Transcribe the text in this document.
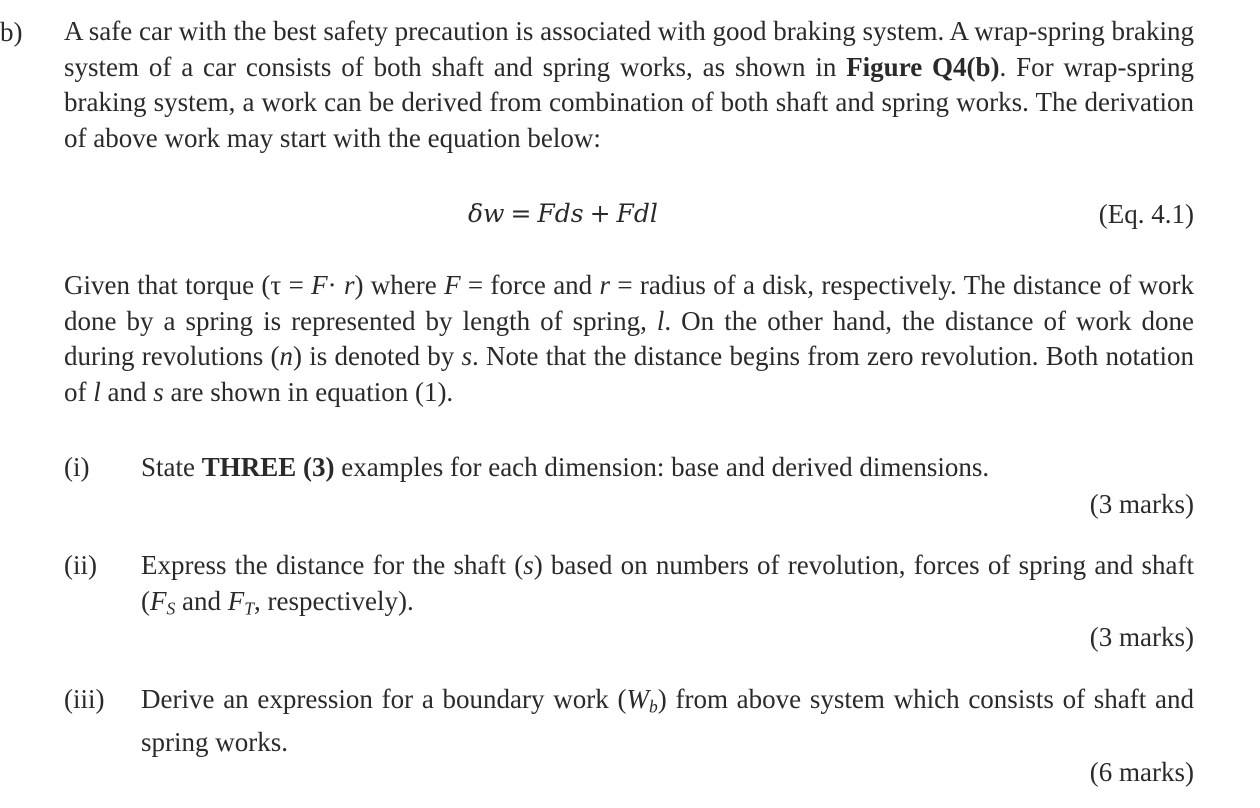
b) A safe car with the best safety precaution is associated with good braking system. A wrap-spring braking system of a car consists of both shaft and spring works, as shown in Figure Q4(b). For wrap-spring braking system, a work can be derived from combination of both shaft and spring works. The derivation of above work may start with the equation below:
δw = Fds + Fdl	(Eq. 4.1)
Given that torque (τ = F· r) where F = force and r = radius of a disk, respectively. The distance of work done by a spring is represented by length of spring, l. On the other hand, the distance of work done during revolutions (n) is denoted by s. Note that the distance begins from zero revolution. Both notation of l and s are shown in equation (1).
(i) State THREE (3) examples for each dimension: base and derived dimensions.
(3 marks)
(ii) Express the distance for the shaft (s) based on numbers of revolution, forces of spring and shaft ($F_S$ and $F_T$, respectively).
(3 marks)
(iii) Derive an expression for a boundary work $(W_b)$ from above system which consists of shaft and spring works.
(6 marks)
